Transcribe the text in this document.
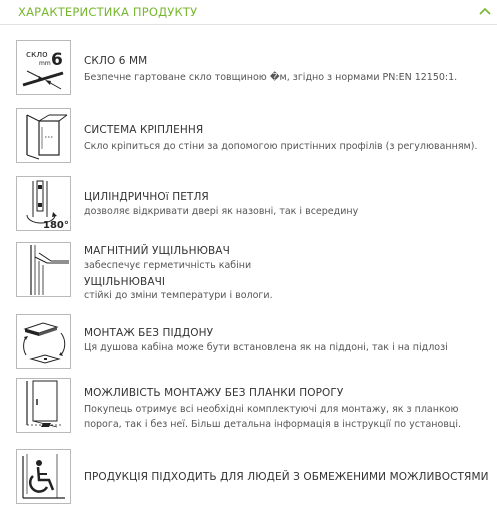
ХАРАКТЕРИСТИКА ПРОДУКТУ
скло
mm 6 СКЛО 6 ММ
Безпечне гартоване скло товщиною �м, згідно з нормами PN:EN 12150:1.
СИСТЕМА КРІПЛЕННЯ
Скло кріпиться до стіни за допомогою пристінних профілів (з регулюванням).
180°
ЦИЛІНДРИЧНОї ПЕТЛЯ
дозволяє відкривати двері як назовні, так і всередину
МАГНІТНИЙ УЩІЛЬНЮВАЧ
забеспечує герметичність кабіни
УЩІЛЬНЮВАЧІ
стійкі до зміни температури і вологи.
МОНТАЖ БЕЗ ПІДДОНУ
Ця душова кабіна може бути встановлена як на піддоні, так і на підлозі
МОЖЛИВІСТЬ МОНТАЖУ БЕЗ ПЛАНКИ ПОРОГУ
Покупець отримує всі необхідні комплектуючі для монтажу, як з планкою порога, так і без неї. Більш детальна інформація в інструкції по установці.
ПРОДУКЦІЯ ПІДХОДИТЬ ДЛЯ ЛЮДЕЙ З ОБМЕЖЕНИМИ МОЖЛИВОСТЯМИ
